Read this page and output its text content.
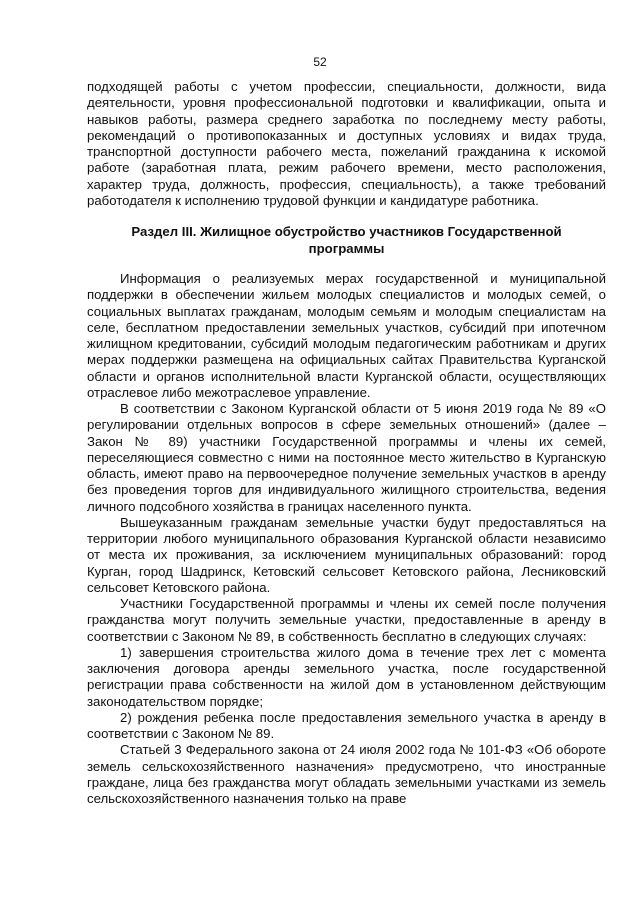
52

подходящей работы с учетом профессии, специальности, должности, вида деятельности, уровня профессиональной подготовки и квалификации, опыта и навыков работы, размера среднего заработка по последнему месту работы, рекомендаций о противопоказанных и доступных условиях и видах труда, транспортной доступности рабочего места, пожеланий гражданина к искомой работе (заработная плата, режим рабочего времени, место расположения, характер труда, должность, профессия, специальность), а также требований работодателя к исполнению трудовой функции и кандидатуре работника.

Раздел III. Жилищное обустройство участников Государственной
программы

Информация о реализуемых мерах государственной и муниципальной поддержки в обеспечении жильем молодых специалистов и молодых семей, о социальных выплатах гражданам, молодым семьям и молодым специалистам на селе, бесплатном предоставлении земельных участков, субсидий при ипотечном жилищном кредитовании, субсидий молодым педагогическим работникам и других мерах поддержки размещена на официальных сайтах Правительства Курганской области и органов исполнительной власти Курганской области, осуществляющих отраслевое либо межотраслевое управление.

В соответствии с Законом Курганской области от 5 июня 2019 года № 89 «О регулировании отдельных вопросов в сфере земельных отношений» (далее – Закон № 89) участники Государственной программы и члены их семей, переселяющиеся совместно с ними на постоянное место жительство в Курганскую область, имеют право на первоочередное получение земельных участков в аренду без проведения торгов для индивидуального жилищного строительства, ведения личного подсобного хозяйства в границах населенного пункта.

Вышеуказанным гражданам земельные участки будут предоставляться на территории любого муниципального образования Курганской области независимо от места их проживания, за исключением муниципальных образований: город Курган, город Шадринск, Кетовский сельсовет Кетовского района, Лесниковский сельсовет Кетовского района.

Участники Государственной программы и члены их семей после получения гражданства могут получить земельные участки, предоставленные в аренду в соответствии с Законом № 89, в собственность бесплатно в следующих случаях:

1) завершения строительства жилого дома в течение трех лет с момента заключения договора аренды земельного участка, после государственной регистрации права собственности на жилой дом в установленном действующим законодательством порядке;

2) рождения ребенка после предоставления земельного участка в аренду в соответствии с Законом № 89.

Статьей 3 Федерального закона от 24 июля 2002 года № 101-ФЗ «Об обороте земель сельскохозяйственного назначения» предусмотрено, что иностранные граждане, лица без гражданства могут обладать земельными участками из земель сельскохозяйственного назначения только на праве
